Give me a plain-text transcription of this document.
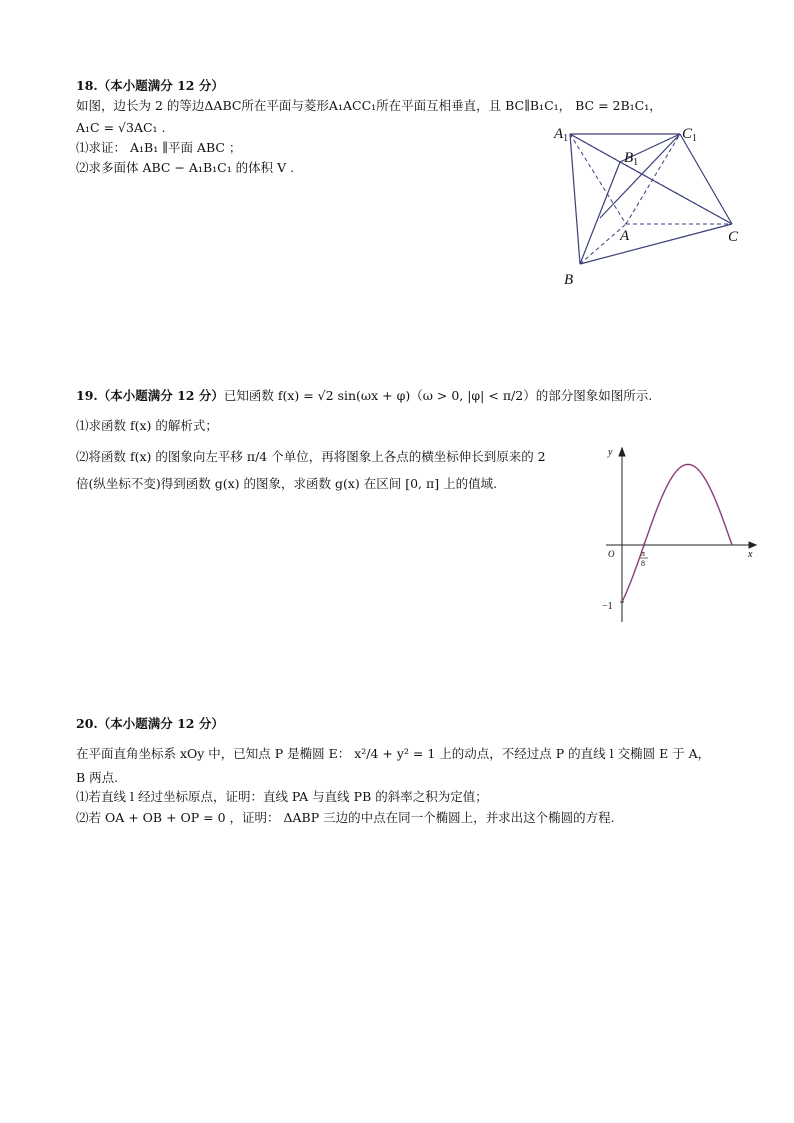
18.（本小题满分 12 分）
如图，边长为 2 的等边ΔABC所在平面与菱形A₁ACC₁所在平面互相垂直，且 BC∥B₁C₁， BC = 2B₁C₁，
A₁C = √3AC₁ .
⑴求证： A₁B₁ ∥平面 ABC ；
⑵求多面体 ABC − A₁B₁C₁ 的体积 V .
$A_1$	$C_1$
$B_1$
A	C
B
19.（本小题满分 12 分）已知函数 f(x) = √2 sin(ωx + φ)（ω > 0, |φ| < π/2）的部分图象如图所示.
⑴求函数 f(x) 的解析式；
⑵将函数 f(x) 的图象向左平移 π/4 个单位，再将图象上各点的横坐标伸长到原来的 2
倍(纵坐标不变)得到函数 g(x) 的图象，求函数 g(x) 在区间 [0, π] 上的值域.
y
x
O	π
8
−1
20.（本小题满分 12 分）
在平面直角坐标系 xOy 中，已知点 P 是椭圆 E： x²/4 + y² = 1 上的动点，不经过点 P 的直线 l 交椭圆 E 于 A，
B 两点.
⑴若直线 l 经过坐标原点，证明：直线 PA 与直线 PB 的斜率之积为定值；
⑵若 OA + OB + OP = 0 ，证明： ΔABP 三边的中点在同一个椭圆上，并求出这个椭圆的方程.
